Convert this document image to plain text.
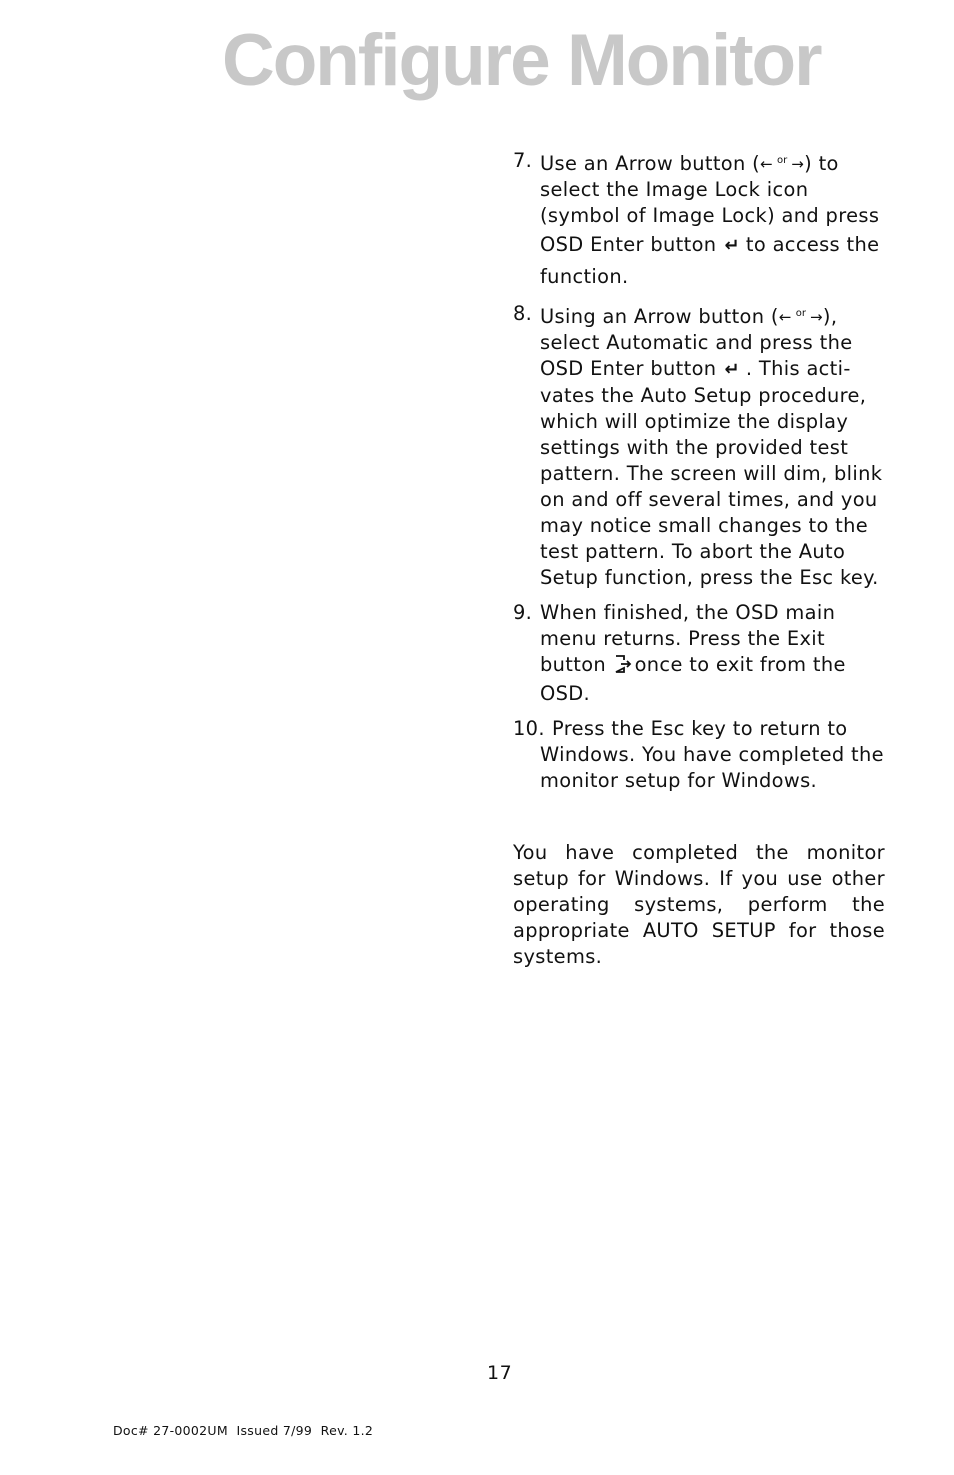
Configure Monitor
7. Use an Arrow button (← or →) to select the Image Lock icon (symbol of Image Lock) and press OSD Enter button ↵ to access the function.
8. Using an Arrow button (← or →), select Automatic and press the OSD Enter button ↵ . This acti-vates the Auto Setup procedure, which will optimize the display settings with the provided test pattern. The screen will dim, blink on and off several times, and you may notice small changes to the test pattern. To abort the Auto Setup function, press the Esc key.
9. When finished, the OSD main menu returns. Press the Exit button once to exit from the OSD.
10. Press the Esc key to return to Windows. You have completed the monitor setup for Windows.

You have completed the monitor setup for Windows. If you use other operating systems, perform the appropriate AUTO SETUP for those systems.

17
Doc# 27-0002UM  Issued 7/99  Rev. 1.2
